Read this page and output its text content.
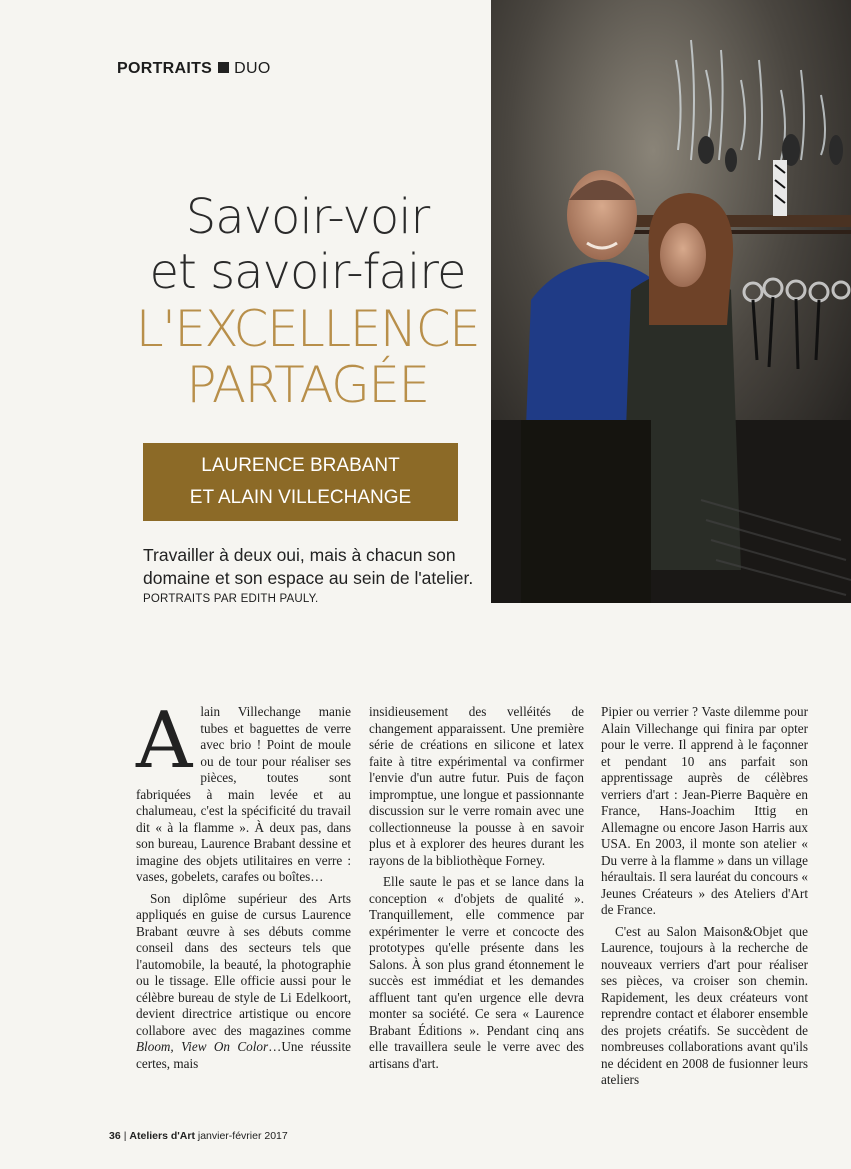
PORTRAITS DUO
Savoir-voir
et savoir-faire
L'EXCELLENCE
PARTAGÉE
LAURENCE BRABANT
ET ALAIN VILLECHANGE
Travailler à deux oui, mais à chacun son domaine et son espace au sein de l'atelier.
PORTRAITS PAR EDITH PAULY.

Alain Villechange manie tubes et baguettes de verre avec brio ! Point de moule ou de tour pour réaliser ses pièces, toutes sont fabriquées à main levée et au chalumeau, c'est la spécificité du travail dit « à la flamme ». À deux pas, dans son bureau, Laurence Brabant dessine et imagine des objets utilitaires en verre : vases, gobelets, carafes ou boîtes…

Son diplôme supérieur des Arts appliqués en guise de cursus Laurence Brabant œuvre à ses débuts comme conseil dans des secteurs tels que l'automobile, la beauté, la photographie ou le tissage. Elle officie aussi pour le célèbre bureau de style de Li Edelkoort, devient directrice artistique ou encore collabore avec des magazines comme Bloom, View On Color…Une réussite certes, mais

insidieusement des velléités de changement apparaissent. Une première série de créations en silicone et latex faite à titre expérimental va confirmer l'envie d'un autre futur. Puis de façon impromptue, une longue et passionnante discussion sur le verre romain avec une collectionneuse la pousse à en savoir plus et à explorer des heures durant les rayons de la bibliothèque Forney.

Elle saute le pas et se lance dans la conception « d'objets de qualité ». Tranquillement, elle commence par expérimenter le verre et concocte des prototypes qu'elle présente dans les Salons. À son plus grand étonnement le succès est immédiat et les demandes affluent tant qu'en urgence elle devra monter sa société. Ce sera « Laurence Brabant Éditions ». Pendant cinq ans elle travaillera seule le verre avec des artisans d'art.

Pipier ou verrier ? Vaste dilemme pour Alain Villechange qui finira par opter pour le verre. Il apprend à le façonner et pendant 10 ans parfait son apprentissage auprès de célèbres verriers d'art : Jean-Pierre Baquère en France, Hans-Joachim Ittig en Allemagne ou encore Jason Harris aux USA. En 2003, il monte son atelier « Du verre à la flamme » dans un village héraultais. Il sera lauréat du concours « Jeunes Créateurs » des Ateliers d'Art de France.

C'est au Salon Maison&Objet que Laurence, toujours à la recherche de nouveaux verriers d'art pour réaliser ses pièces, va croiser son chemin. Rapidement, les deux créateurs vont reprendre contact et élaborer ensemble des projets créatifs. Se succèdent de nombreuses collaborations avant qu'ils ne décident en 2008 de fusionner leurs ateliers

36 | Ateliers d'Art janvier-février 2017
